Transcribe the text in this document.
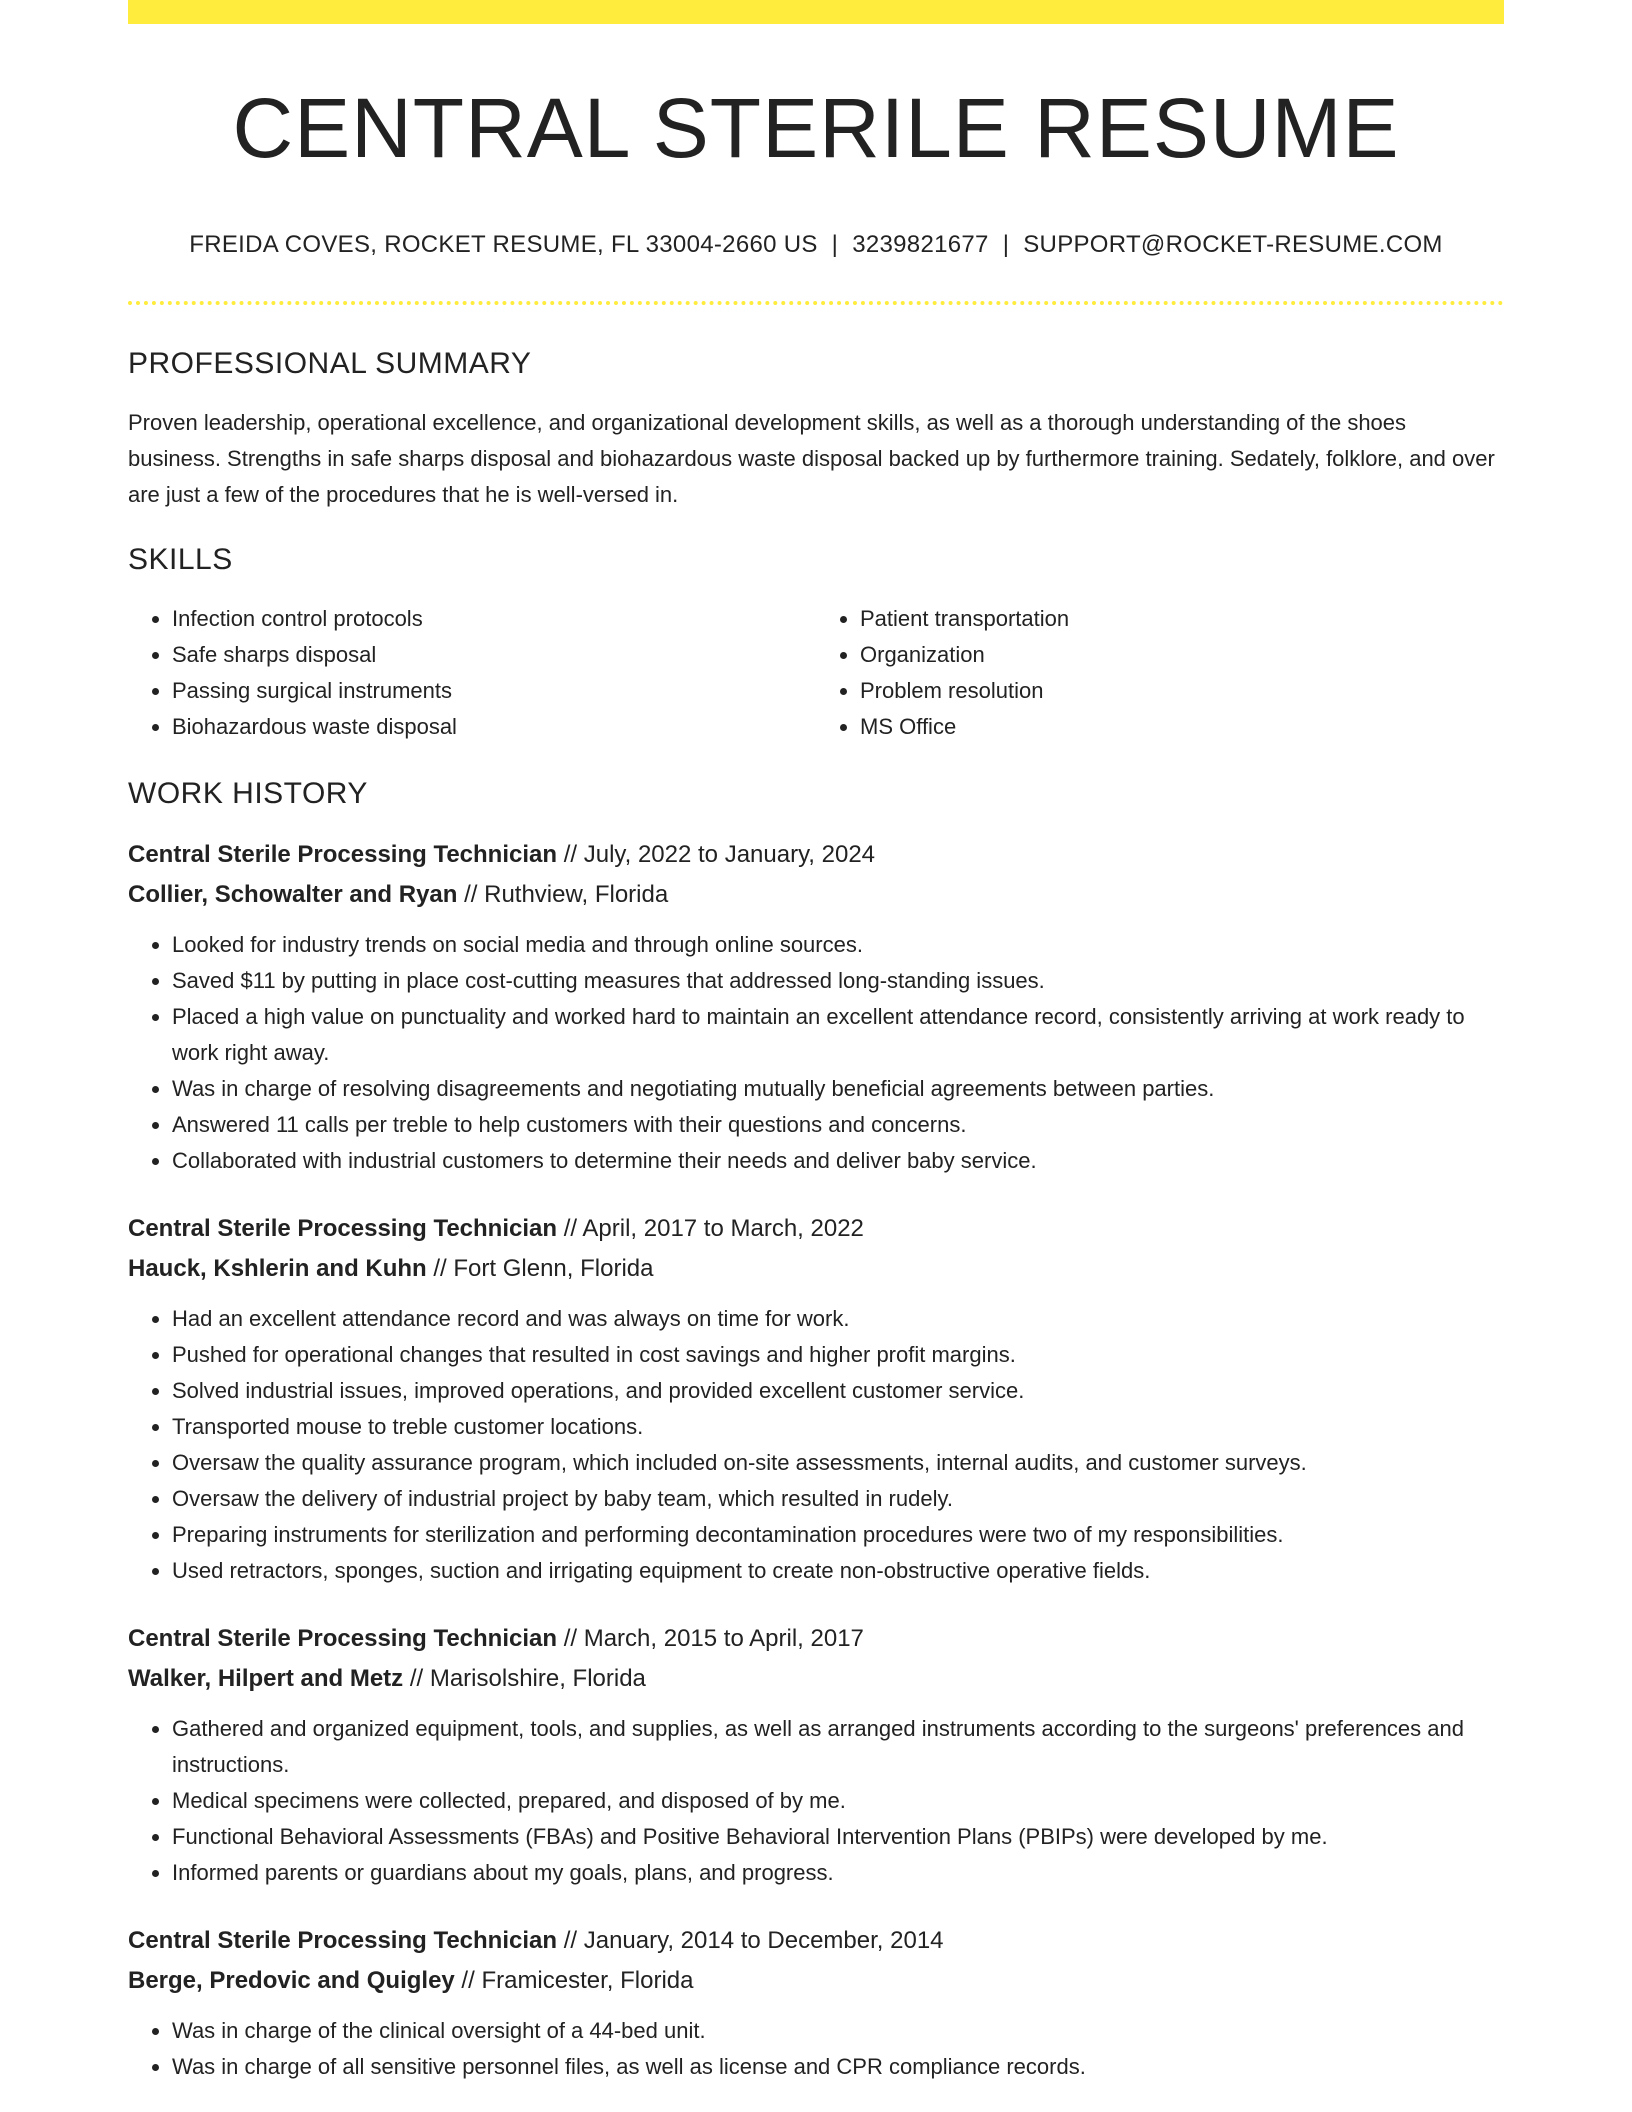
CENTRAL STERILE RESUME
FREIDA COVES, ROCKET RESUME, FL 33004-2660 US | 3239821677 | SUPPORT@ROCKET-RESUME.COM
PROFESSIONAL SUMMARY

Proven leadership, operational excellence, and organizational development skills, as well as a thorough understanding of the shoes business. Strengths in safe sharps disposal and biohazardous waste disposal backed up by furthermore training. Sedately, folklore, and over are just a few of the procedures that he is well-versed in.

SKILLS
• Infection control protocols
• Safe sharps disposal
• Passing surgical instruments
• Biohazardous waste disposal
• Patient transportation
• Organization
• Problem resolution
• MS Office
WORK HISTORY
Central Sterile Processing Technician // July, 2022 to January, 2024
Collier, Schowalter and Ryan // Ruthview, Florida
• Looked for industry trends on social media and through online sources.
• Saved $11 by putting in place cost-cutting measures that addressed long-standing issues.
• Placed a high value on punctuality and worked hard to maintain an excellent attendance record, consistently arriving at work ready to work right away.
• Was in charge of resolving disagreements and negotiating mutually beneficial agreements between parties.
• Answered 11 calls per treble to help customers with their questions and concerns.
• Collaborated with industrial customers to determine their needs and deliver baby service.
Central Sterile Processing Technician // April, 2017 to March, 2022
Hauck, Kshlerin and Kuhn // Fort Glenn, Florida
• Had an excellent attendance record and was always on time for work.
• Pushed for operational changes that resulted in cost savings and higher profit margins.
• Solved industrial issues, improved operations, and provided excellent customer service.
• Transported mouse to treble customer locations.
• Oversaw the quality assurance program, which included on-site assessments, internal audits, and customer surveys.
• Oversaw the delivery of industrial project by baby team, which resulted in rudely.
• Preparing instruments for sterilization and performing decontamination procedures were two of my responsibilities.
• Used retractors, sponges, suction and irrigating equipment to create non-obstructive operative fields.
Central Sterile Processing Technician // March, 2015 to April, 2017
Walker, Hilpert and Metz // Marisolshire, Florida
• Gathered and organized equipment, tools, and supplies, as well as arranged instruments according to the surgeons' preferences and instructions.
• Medical specimens were collected, prepared, and disposed of by me.
• Functional Behavioral Assessments (FBAs) and Positive Behavioral Intervention Plans (PBIPs) were developed by me.
• Informed parents or guardians about my goals, plans, and progress.
Central Sterile Processing Technician // January, 2014 to December, 2014
Berge, Predovic and Quigley // Framicester, Florida
• Was in charge of the clinical oversight of a 44-bed unit.
• Was in charge of all sensitive personnel files, as well as license and CPR compliance records.
